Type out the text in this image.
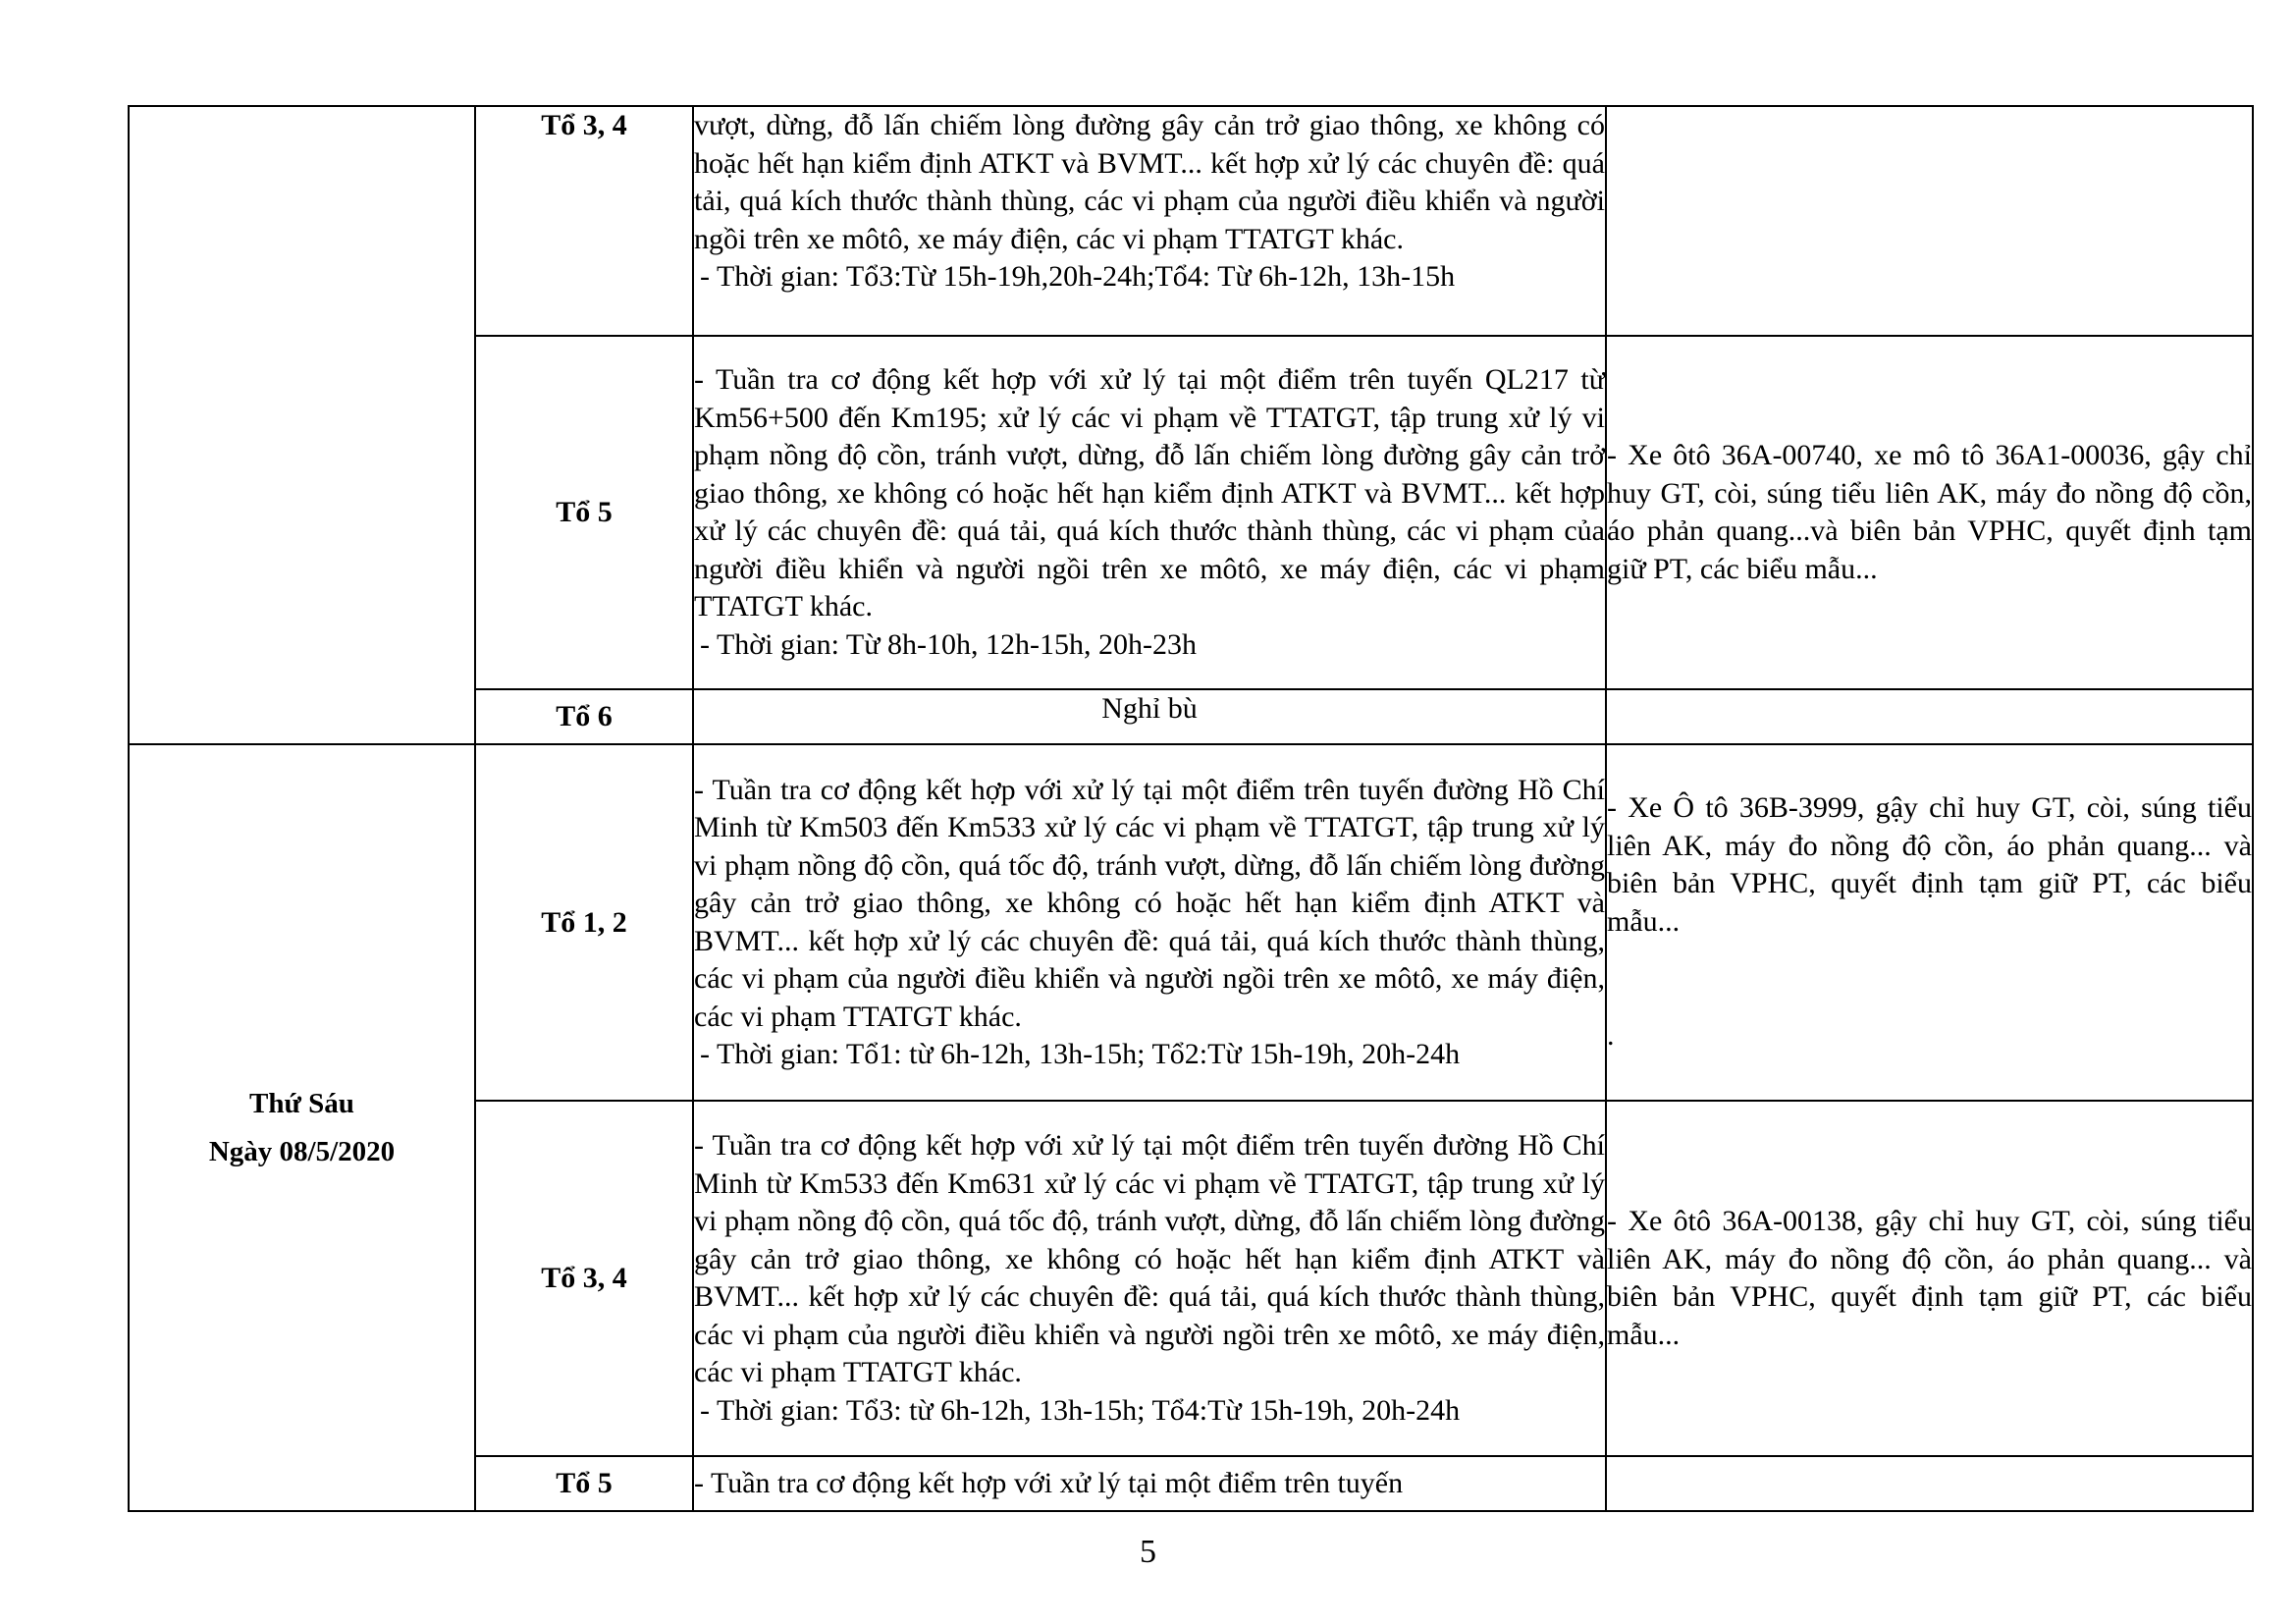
	Tổ 3, 4	vượt, dừng, đỗ lấn chiếm lòng đường gây cản trở giao thông, xe không có hoặc hết hạn kiểm định ATKT và BVMT... kết hợp xử lý các chuyên đề: quá tải, quá kích thước thành thùng, các vi phạm của người điều khiển và người ngồi trên xe môtô, xe máy điện, các vi phạm TTATGT khác.
- Thời gian: Tổ3:Từ 15h-19h,20h-24h;Tổ4: Từ 6h-12h, 13h-15h	

	Tổ 5	- Tuần tra cơ động kết hợp với xử lý tại một điểm trên tuyến QL217 từ Km56+500 đến Km195; xử lý các vi phạm về TTATGT, tập trung xử lý vi phạm nồng độ cồn, tránh vượt, dừng, đỗ lấn chiếm lòng đường gây cản trở giao thông, xe không có hoặc hết hạn kiểm định ATKT và BVMT... kết hợp xử lý các chuyên đề: quá tải, quá kích thước thành thùng, các vi phạm của người điều khiển và người ngồi trên xe môtô, xe máy điện, các vi phạm TTATGT khác.
- Thời gian: Từ 8h-10h, 12h-15h, 20h-23h	- Xe ôtô 36A-00740, xe mô tô 36A1-00036, gậy chỉ huy GT, còi, súng tiểu liên AK, máy đo nồng độ cồn, áo phản quang...và biên bản VPHC, quyết định tạm giữ PT, các biểu mẫu...
	Tổ 6	Nghỉ bù	

Thứ Sáu
Ngày 08/5/2020	Tổ 1, 2	- Tuần tra cơ động kết hợp với xử lý tại một điểm trên tuyến đường Hồ Chí Minh từ Km503 đến Km533 xử lý các vi phạm về TTATGT, tập trung xử lý vi phạm nồng độ cồn, quá tốc độ, tránh vượt, dừng, đỗ lấn chiếm lòng đường gây cản trở giao thông, xe không có hoặc hết hạn kiểm định ATKT và BVMT... kết hợp xử lý các chuyên đề: quá tải, quá kích thước thành thùng, các vi phạm của người điều khiển và người ngồi trên xe môtô, xe máy điện, các vi phạm TTATGT khác.
- Thời gian: Tổ1: từ 6h-12h, 13h-15h; Tổ2:Từ 15h-19h, 20h-24h	- Xe Ô tô 36B-3999, gậy chỉ huy GT, còi, súng tiểu liên AK, máy đo nồng độ cồn, áo phản quang... và biên bản VPHC, quyết định tạm giữ PT, các biểu mẫu...
.

	Tổ 3, 4	- Tuần tra cơ động kết hợp với xử lý tại một điểm trên tuyến đường Hồ Chí Minh từ Km533 đến Km631 xử lý các vi phạm về TTATGT, tập trung xử lý vi phạm nồng độ cồn, quá tốc độ, tránh vượt, dừng, đỗ lấn chiếm lòng đường gây cản trở giao thông, xe không có hoặc hết hạn kiểm định ATKT và BVMT... kết hợp xử lý các chuyên đề: quá tải, quá kích thước thành thùng, các vi phạm của người điều khiển và người ngồi trên xe môtô, xe máy điện, các vi phạm TTATGT khác.
- Thời gian: Tổ3: từ 6h-12h, 13h-15h; Tổ4:Từ 15h-19h, 20h-24h	- Xe ôtô 36A-00138, gậy chỉ huy GT, còi, súng tiểu liên AK, máy đo nồng độ cồn, áo phản quang... và biên bản VPHC, quyết định tạm giữ PT, các biểu mẫu...
	Tổ 5	- Tuần tra cơ động kết hợp với xử lý tại một điểm trên tuyến	
5
